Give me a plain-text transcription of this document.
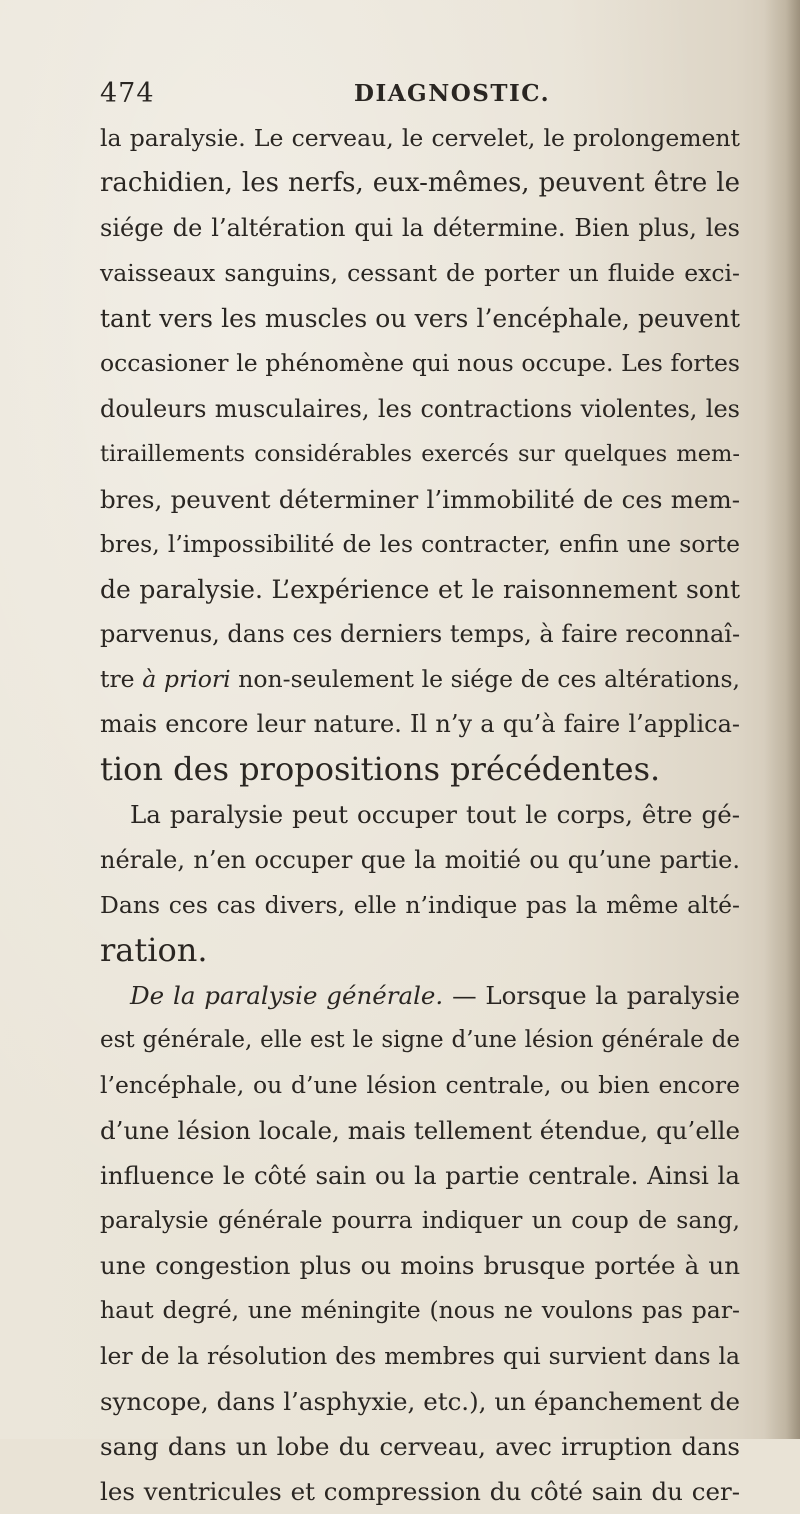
474	DIAGNOSTIC.
la paralysie. Le cerveau, le cervelet, le prolongement
rachidien, les nerfs, eux-mêmes, peuvent être le
siége de l’altération qui la détermine. Bien plus, les
vaisseaux sanguins, cessant de porter un fluide exci-
tant vers les muscles ou vers l’encéphale, peuvent
occasioner le phénomène qui nous occupe. Les fortes
douleurs musculaires, les contractions violentes, les
tiraillements considérables exercés sur quelques mem-
bres, peuvent déterminer l’immobilité de ces mem-
bres, l’impossibilité de les contracter, enfin une sorte
de paralysie. L’expérience et le raisonnement sont
parvenus, dans ces derniers temps, à faire reconnaî-
tre à priori non-seulement le siége de ces altérations,
mais encore leur nature. Il n’y a qu’à faire l’applica-
tion des propositions précédentes.
La paralysie peut occuper tout le corps, être gé-
nérale, n’en occuper que la moitié ou qu’une partie.
Dans ces cas divers, elle n’indique pas la même alté-
ration.
De la paralysie générale. — Lorsque la paralysie
est générale, elle est le signe d’une lésion générale de
l’encéphale, ou d’une lésion centrale, ou bien encore
d’une lésion locale, mais tellement étendue, qu’elle
influence le côté sain ou la partie centrale. Ainsi la
paralysie générale pourra indiquer un coup de sang,
une congestion plus ou moins brusque portée à un
haut degré, une méningite (nous ne voulons pas par-
ler de la résolution des membres qui survient dans la
syncope, dans l’asphyxie, etc.), un épanchement de
sang dans un lobe du cerveau, avec irruption dans
les ventricules et compression du côté sain du cer-
